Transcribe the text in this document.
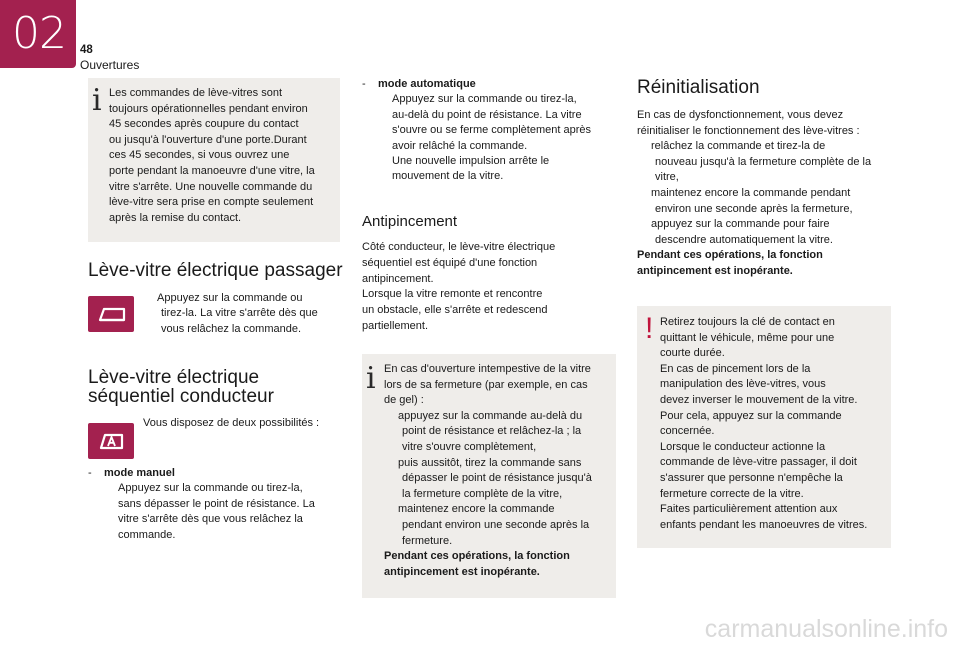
02 48
Ouvertures
i Les commandes de lève-vitres sont
toujours opérationnelles pendant environ
45 secondes après coupure du contact
ou jusqu'à l'ouverture d'une porte.Durant
ces 45 secondes, si vous ouvrez une
porte pendant la manoeuvre d'une vitre, la
vitre s'arrête. Une nouvelle commande du
lève-vitre sera prise en compte seulement
après la remise du contact.
Lève-vitre électrique passager
Appuyez sur la commande ou
tirez-la. La vitre s'arrête dès que
vous relâchez la commande.
Lève-vitre électrique
séquentiel conducteur
Vous disposez de deux possibilités :
-	mode manuel
Appuyez sur la commande ou tirez-la,
sans dépasser le point de résistance. La
vitre s'arrête dès que vous relâchez la
commande.
-	mode automatique
Appuyez sur la commande ou tirez-la,
au-delà du point de résistance. La vitre
s'ouvre ou se ferme complètement après
avoir relâché la commande.
Une nouvelle impulsion arrête le
mouvement de la vitre.
Antipincement
Côté conducteur, le lève-vitre électrique
séquentiel est équipé d'une fonction
antipincement.
Lorsque la vitre remonte et rencontre
un obstacle, elle s'arrête et redescend
partiellement.
i En cas d'ouverture intempestive de la vitre
lors de sa fermeture (par exemple, en cas
de gel) :
appuyez sur la commande au-delà du
point de résistance et relâchez-la ; la
vitre s'ouvre complètement,
puis aussitôt, tirez la commande sans
dépasser le point de résistance jusqu'à
la fermeture complète de la vitre,
maintenez encore la commande
pendant environ une seconde après la
fermeture.
Pendant ces opérations, la fonction
antipincement est inopérante.
Réinitialisation
En cas de dysfonctionnement, vous devez
réinitialiser le fonctionnement des lève-vitres :
relâchez la commande et tirez-la de
nouveau jusqu'à la fermeture complète de la
vitre,
maintenez encore la commande pendant
environ une seconde après la fermeture,
appuyez sur la commande pour faire
descendre automatiquement la vitre.
Pendant ces opérations, la fonction
antipincement est inopérante.
! Retirez toujours la clé de contact en
quittant le véhicule, même pour une
courte durée.
En cas de pincement lors de la
manipulation des lève-vitres, vous
devez inverser le mouvement de la vitre.
Pour cela, appuyez sur la commande
concernée.
Lorsque le conducteur actionne la
commande de lève-vitre passager, il doit
s'assurer que personne n'empêche la
fermeture correcte de la vitre.
Faites particulièrement attention aux
enfants pendant les manoeuvres de vitres.
carmanualsonline.info
